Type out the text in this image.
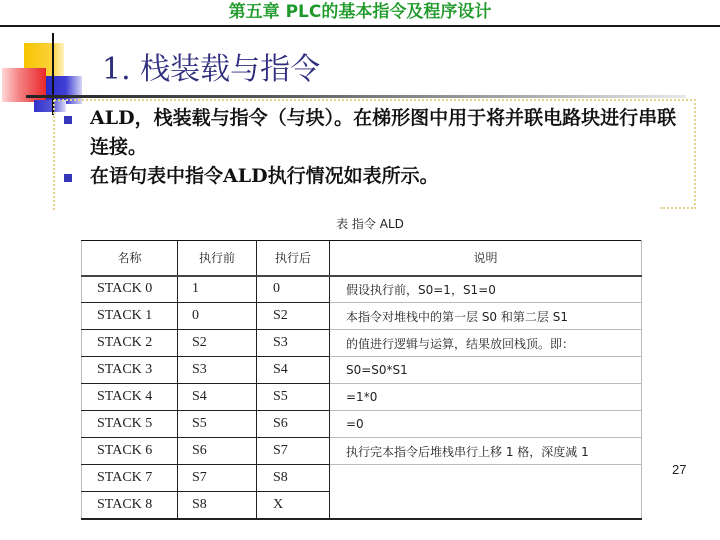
第五章 PLC的基本指令及程序设计
1. 栈装载与指令
ALD，栈装载与指令（与块）。在梯形图中用于将并联电路块进行串联连接。
在语句表中指令ALD执行情况如表所示。
表 指令 ALD
名称	执行前	执行后	说明
STACK 0	1	0	假设执行前，S0=1，S1=0
STACK 1	0	S2	本指令对堆栈中的第一层 S0 和第二层 S1
STACK 2	S2	S3	的值进行逻辑与运算，结果放回栈顶。即：
STACK 3	S3	S4	S0=S0*S1
STACK 4	S4	S5	=1*0
STACK 5	S5	S6	=0
STACK 6	S6	S7	执行完本指令后堆栈串行上移 1 格，深度减 1
STACK 7	S7	S8	
STACK 8	S8	X	
27
